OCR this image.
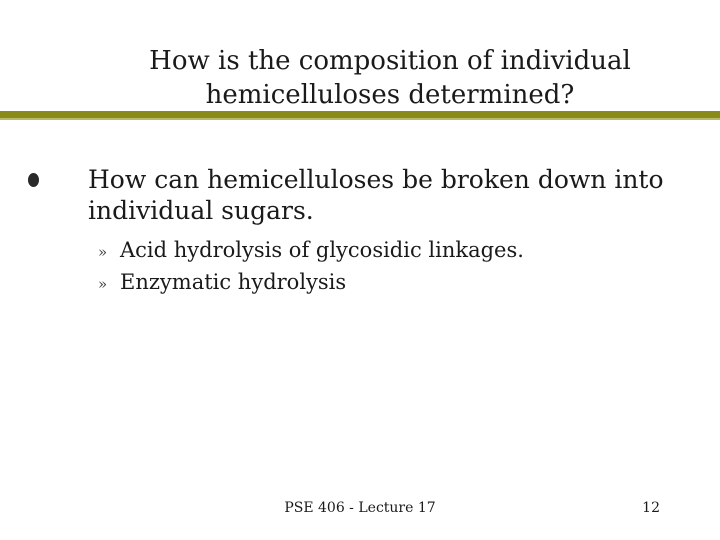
How is the composition of individual
hemicelluloses determined?
How can hemicelluloses be broken down into individual sugars.
» Acid hydrolysis of glycosidic linkages.
» Enzymatic hydrolysis
PSE 406 - Lecture 17	12
